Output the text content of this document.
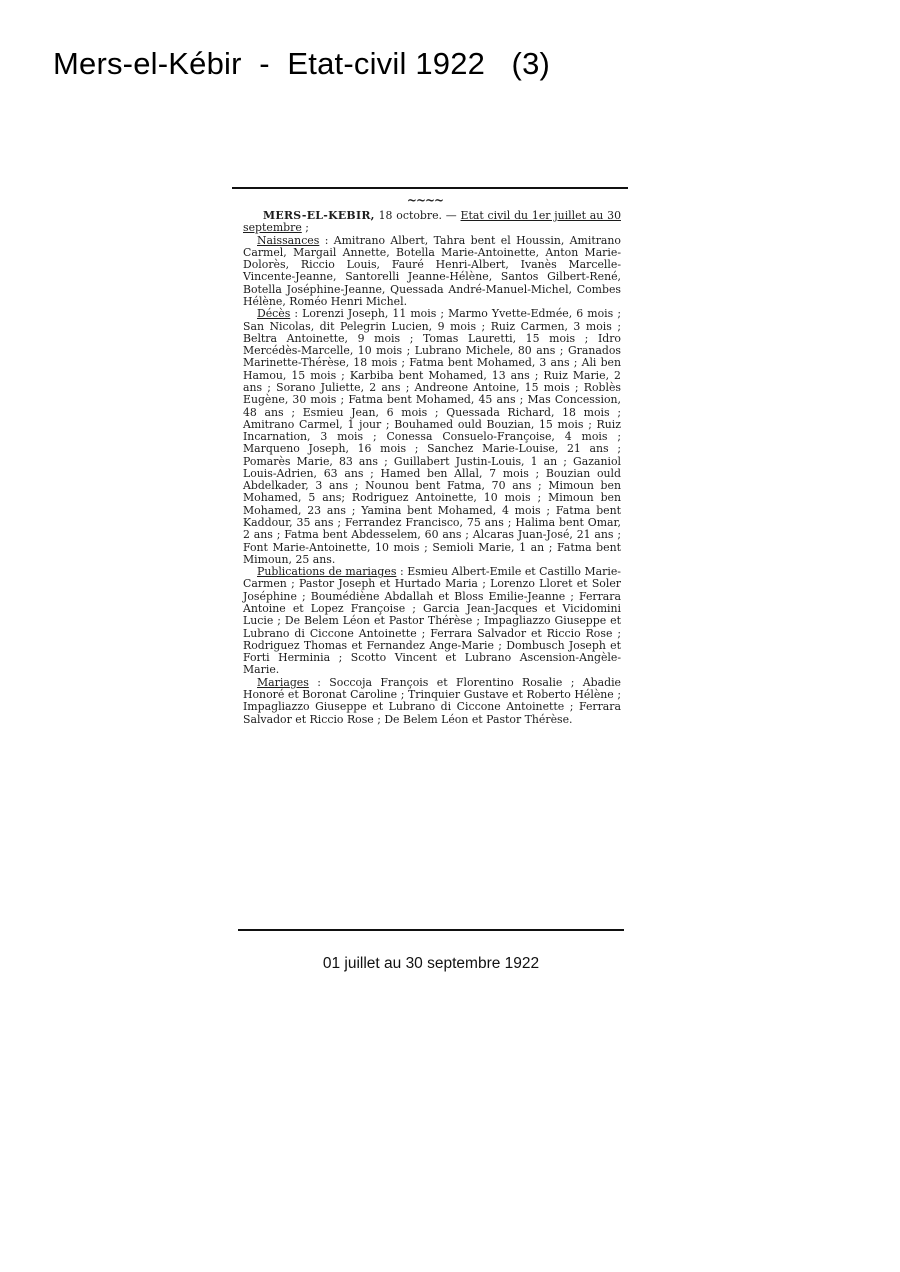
Mers-el-Kébir  -  Etat-civil 1922   (3)
~~~~

MERS-EL-KEBIR, 18 octobre. — Etat civil du 1er juillet au 30 septembre ;

Naissances : Amitrano Albert, Tahra bent el Houssin, Amitrano Carmel, Margail Annette, Botella Marie-Antoinette, Anton Marie-Dolorès, Riccio Louis, Fauré Henri-Albert, Ivanès Marcelle-Vincente-Jeanne, Santorelli Jeanne-Hélène, Santos Gilbert-René, Botella Joséphine-Jeanne, Quessada André-Manuel-Michel, Combes Hélène, Roméo Henri Michel.

Décès : Lorenzi Joseph, 11 mois ; Marmo Yvette-Edmée, 6 mois ; San Nicolas, dit Pelegrin Lucien, 9 mois ; Ruiz Carmen, 3 mois ; Beltra Antoinette, 9 mois ; Tomas Lauretti, 15 mois ; Idro Mercédès-Marcelle, 10 mois ; Lubrano Michele, 80 ans ; Granados Marinette-Thérèse, 18 mois ; Fatma bent Mohamed, 3 ans ; Ali ben Hamou, 15 mois ; Karbiba bent Mohamed, 13 ans ; Ruiz Marie, 2 ans ; Sorano Juliette, 2 ans ; Andreone Antoine, 15 mois ; Roblès Eugène, 30 mois ; Fatma bent Mohamed, 45 ans ; Mas Concession, 48 ans ; Esmieu Jean, 6 mois ; Quessada Richard, 18 mois ; Amitrano Carmel, 1 jour ; Bouhamed ould Bouzian, 15 mois ; Ruiz Incarnation, 3 mois ; Conessa Consuelo-Françoise, 4 mois ; Marqueno Joseph, 16 mois ; Sanchez Marie-Louise, 21 ans ; Pomarès Marie, 83 ans ; Guillabert Justin-Louis, 1 an ; Gazaniol Louis-Adrien, 63 ans ; Hamed ben Allal, 7 mois ; Bouzian ould Abdelkader, 3 ans ; Nounou bent Fatma, 70 ans ; Mimoun ben Mohamed, 5 ans; Rodriguez Antoinette, 10 mois ; Mimoun ben Mohamed, 23 ans ; Yamina bent Mohamed, 4 mois ; Fatma bent Kaddour, 35 ans ; Ferrandez Francisco, 75 ans ; Halima bent Omar, 2 ans ; Fatma bent Abdesselem, 60 ans ; Alcaras Juan-José, 21 ans ; Font Marie-Antoinette, 10 mois ; Semioli Marie, 1 an ; Fatma bent Mimoun, 25 ans.

Publications de mariages : Esmieu Albert-Emile et Castillo Marie-Carmen ; Pastor Joseph et Hurtado Maria ; Lorenzo Lloret et Soler Joséphine ; Boumédiène Abdallah et Bloss Emilie-Jeanne ; Ferrara Antoine et Lopez Françoise ; Garcia Jean-Jacques et Vicidomini Lucie ; De Belem Léon et Pastor Thérèse ; Impagliazzo Giuseppe et Lubrano di Ciccone Antoinette ; Ferrara Salvador et Riccio Rose ; Rodriguez Thomas et Fernandez Ange-Marie ; Dombusch Joseph et Forti Herminia ; Scotto Vincent et Lubrano Ascension-Angèle-Marie.

Mariages : Soccoja François et Florentino Rosalie ; Abadie Honoré et Boronat Caroline ; Trinquier Gustave et Roberto Hélène ; Impagliazzo Giuseppe et Lubrano di Ciccone Antoinette ; Ferrara Salvador et Riccio Rose ; De Belem Léon et Pastor Thérèse.

01 juillet au 30 septembre 1922
